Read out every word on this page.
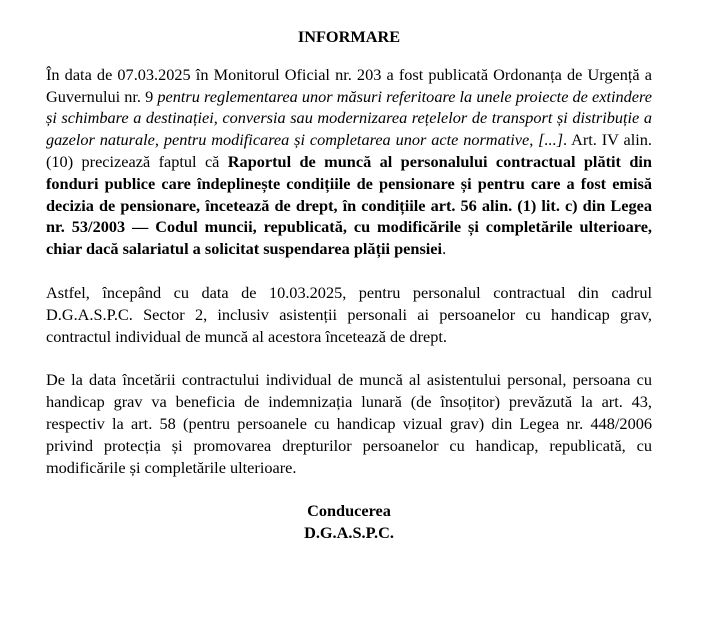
INFORMARE

În data de 07.03.2025 în Monitorul Oficial nr. 203 a fost publicată Ordonanța de Urgență a Guvernului nr. 9 pentru reglementarea unor măsuri referitoare la unele proiecte de extindere și schimbare a destinației, conversia sau modernizarea rețelelor de transport și distribuție a gazelor naturale, pentru modificarea și completarea unor acte normative, [...]. Art. IV alin. (10) precizează faptul că Raportul de muncă al personalului contractual plătit din fonduri publice care îndeplinește condițiile de pensionare și pentru care a fost emisă decizia de pensionare, încetează de drept, în condițiile art. 56 alin. (1) lit. c) din Legea nr. 53/2003 — Codul muncii, republicată, cu modificările și completările ulterioare, chiar dacă salariatul a solicitat suspendarea plății pensiei.

Astfel, începând cu data de 10.03.2025, pentru personalul contractual din cadrul D.G.A.S.P.C. Sector 2, inclusiv asistenții personali ai persoanelor cu handicap grav, contractul individual de muncă al acestora încetează de drept.

De la data încetării contractului individual de muncă al asistentului personal, persoana cu handicap grav va beneficia de indemnizația lunară (de însoțitor) prevăzută la art. 43, respectiv la art. 58 (pentru persoanele cu handicap vizual grav) din Legea nr. 448/2006 privind protecția și promovarea drepturilor persoanelor cu handicap, republicată, cu modificările și completările ulterioare.

Conducerea
D.G.A.S.P.C.
